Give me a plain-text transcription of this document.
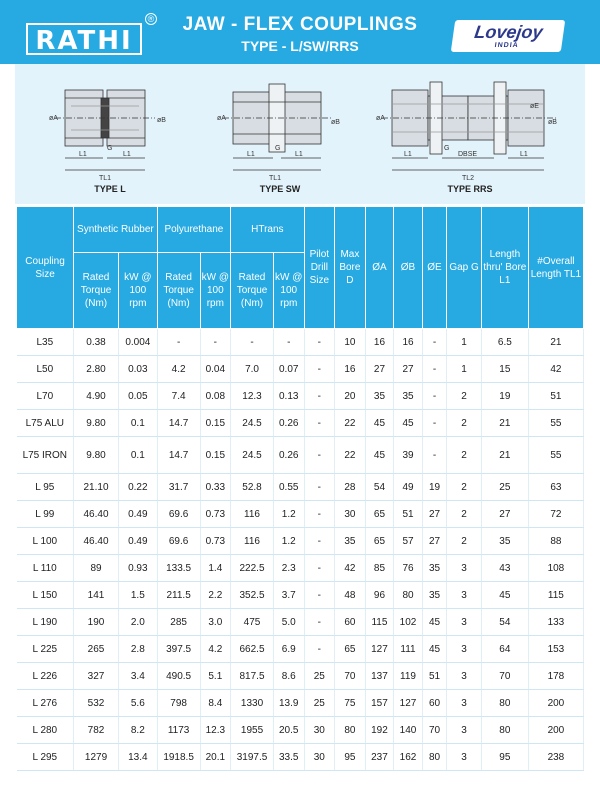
RATHI
®	JAW - FLEX COUPLINGS
TYPE - L/SW/RRS
Lovejoy
INDIA
øA	øB
L1	L1
G
TL1
TYPE L
øA
øB
L1	L1
G
TL1
TYPE SW
øA
øB
øE
L1	L1
G
DBSE
TL2
TYPE RRS
Coupling Size	Synthetic Rubber		Polyurethane		HTrans		Pilot Drill Size	Max Bore D	ØA	ØB	ØE	Gap G	Length thru' Bore L1	#Overall Length TL1
	Rated Torque (Nm)	kW @ 100 rpm	Rated Torque (Nm)	kW @ 100 rpm	Rated Torque (Nm)	kW @ 100 rpm								
L35	0.38	0.004	-	-	-	-	-	10	16	16	-	1	6.5	21
L50	2.80	0.03	4.2	0.04	7.0	0.07	-	16	27	27	-	1	15	42
L70	4.90	0.05	7.4	0.08	12.3	0.13	-	20	35	35	-	2	19	51
L75 ALU	9.80	0.1	14.7	0.15	24.5	0.26	-	22	45	45	-	2	21	55
L75 IRON	9.80	0.1	14.7	0.15	24.5	0.26	-	22	45	39	-	2	21	55
L 95	21.10	0.22	31.7	0.33	52.8	0.55	-	28	54	49	19	2	25	63
L 99	46.40	0.49	69.6	0.73	116	1.2	-	30	65	51	27	2	27	72
L 100	46.40	0.49	69.6	0.73	116	1.2	-	35	65	57	27	2	35	88
L 110	89	0.93	133.5	1.4	222.5	2.3	-	42	85	76	35	3	43	108
L 150	141	1.5	211.5	2.2	352.5	3.7	-	48	96	80	35	3	45	115
L 190	190	2.0	285	3.0	475	5.0	-	60	115	102	45	3	54	133
L 225	265	2.8	397.5	4.2	662.5	6.9	-	65	127	111	45	3	64	153
L 226	327	3.4	490.5	5.1	817.5	8.6	25	70	137	119	51	3	70	178
L 276	532	5.6	798	8.4	1330	13.9	25	75	157	127	60	3	80	200
L 280	782	8.2	1173	12.3	1955	20.5	30	80	192	140	70	3	80	200
L 295	1279	13.4	1918.5	20.1	3197.5	33.5	30	95	237	162	80	3	95	238
